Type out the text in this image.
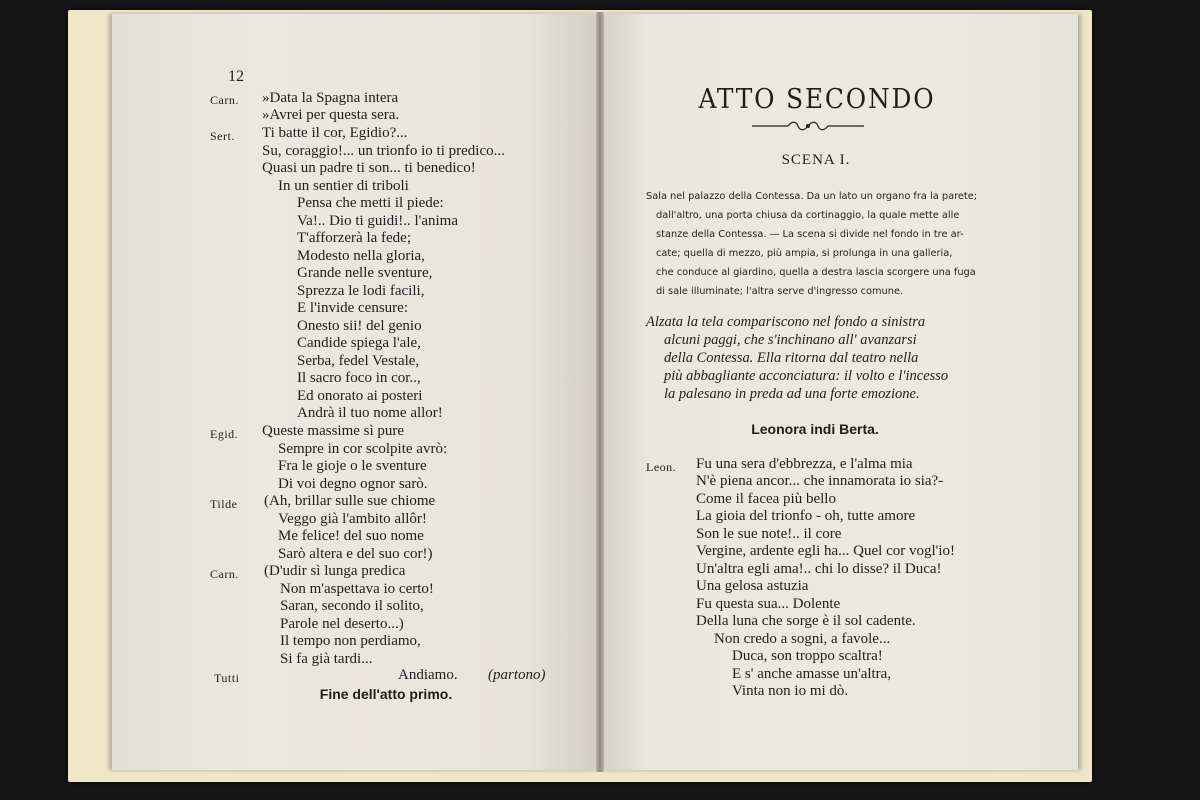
12
Carn. »Data la Spagna intera
»Avrei per questa sera.
Sert. Ti batte il cor, Egidio?...
Su, coraggio!... un trionfo io ti predico...
Quasi un padre ti son... ti benedico!
In un sentier di triboli
Pensa che metti il piede:
Va!.. Dio ti guidi!.. l'anima
T'afforzerà la fede;
Modesto nella gloria,
Grande nelle sventure,
Sprezza le lodi facili,
E l'invide censure:
Onesto sii! del genio
Candide spiega l'ale,
Serba, fedel Vestale,
Il sacro foco in cor..,
Ed onorato ai posteri
Andrà il tuo nome allor!
Egid. Queste massime sì pure
Sempre in cor scolpite avrò:
Fra le gioje o le sventure
Di voi degno ognor sarò.
Tilde (Ah, brillar sulle sue chiome
Veggo già l'ambito allôr!
Me felice! del suo nome
Sarò altera e del suo cor!)
Carn. (D'udir sì lunga predica
Non m'aspettava io certo!
Saran, secondo il solito,
Parole nel deserto...)
Il tempo non perdiamo,
Si fa già tardi...
Tutti	Andiamo. (partono)
Fine dell'atto primo.
ATTO SECONDO
SCENA I.
Sala nel palazzo della Contessa. Da un lato un organo fra la parete;
dall'altro, una porta chiusa da cortinaggio, la quale mette alle
stanze della Contessa. — La scena si divide nel fondo in tre ar-
cate; quella di mezzo, più ampia, si prolunga in una galleria,
che conduce al giardino, quella a destra lascia scorgere una fuga
di sale illuminate; l'altra serve d'ingresso comune.
Alzata la tela compariscono nel fondo a sinistra
alcuni paggi, che s'inchinano all' avanzarsi
della Contessa. Ella ritorna dal teatro nella
più abbagliante acconciatura: il volto e l'incesso
la palesano in preda ad una forte emozione.
Leonora indi Berta.
Leon. Fu una sera d'ebbrezza, e l'alma mia
N'è piena ancor... che innamorata io sia?-
Come il facea più bello
La gioia del trionfo - oh, tutte amore
Son le sue note!.. il core
Vergine, ardente egli ha... Quel cor vogl'io!
Un'altra egli ama!.. chi lo disse? il Duca!
Una gelosa astuzia
Fu questa sua... Dolente
Della luna che sorge è il sol cadente.
Non credo a sogni, a favole...
Duca, son troppo scaltra!
E s' anche amasse un'altra,
Vinta non io mi dò.
